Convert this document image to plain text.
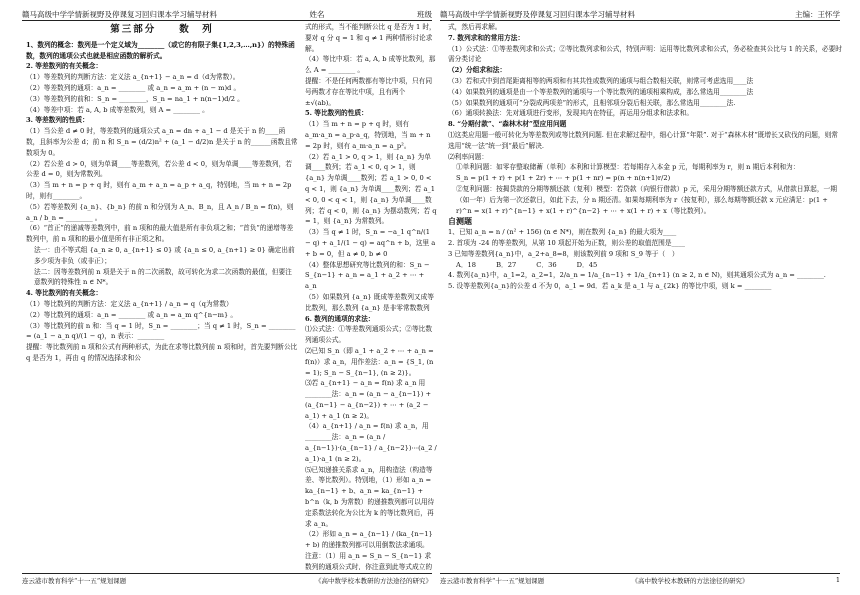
赣马高级中学学情新视野及停课复习回归课本学习辅导材料	姓名	班级 赣马高级中学学情新视野及停课复习回归课本学习辅导材料	主编：王怀学
第三部分　　数　列

1、数列的概念：数列是一个定义域为________（或它的有限子集{1,2,3,…,n}）的特殊函数，数列的通项公式也就是相应函数的解析式。

2. 等差数列的有关概念：

（1）等差数列的判断方法：定义法 a_{n+1} − a_n = d（d为常数）。

（2）等差数列的通项：a_n = ________ 或 a_n = a_m + (n − m)d 。

（3）等差数列的前和：S_n = ________，S_n = na_1 + n(n−1)d/2 。

（4）等差中项：若 a, A, b 成等差数列，则 A = ________ 。

3. 等差数列的性质：

（1）当公差 d ≠ 0 时，等差数列的通项公式 a_n = dn + a_1 − d 是关于 n 的____函数，且斜率为公差 d；前 n 和 S_n = (d/2)n² + (a_1 − d/2)n 是关于 n 的______函数且常数项为 0。

（2）若公差 d > 0，则为单调____等差数列，若公差 d < 0，则为单调____等差数列，若公差 d = 0，则为常数列。

（3）当 m + n = p + q 时，则有 a_m + a_n = a_p + a_q，特别地，当 m + n = 2p 时，则有________。

（5）若等差数列 {a_n}、{b_n} 的前 n 和分别为 A_n、B_n，且 A_n / B_n = f(n)，则 a_n / b_n = ________ 。

（6）“首正”的递减等差数列中，前 n 项和的最大值是所有非负项之和；“首负”的递增等差数列中，前 n 项和的最小值是所有非正项之和。

法一：由不等式组 {a_n ≥ 0, a_{n+1} ≤ 0} 或 {a_n ≤ 0, a_{n+1} ≥ 0} 确定出前多少项为非负（或非正）；

法二：因等差数列前 n 项是关于 n 的二次函数，故可转化为求二次函数的最值，但要注意数列的特殊性 n ∈ N*。

4. 等比数列的有关概念：

（1）等比数列的判断方法：定义法 a_{n+1} / a_n = q（q为常数）

（2）等比数列的通项：a_n = ________ 或 a_n = a_m q^{n−m} 。

（3）等比数列的前 n 和：当 q = 1 时，S_n = ________；当 q ≠ 1 时，S_n = ________ = (a_1 − a_n q)/(1 − q)，n 表示：________

提醒：等比数列前 n 项和公式有两种形式，为此在求等比数列前 n 项和时，首先要判断公比 q 是否为 1，再由 q 的情况选择求和公

式的形式，当不能判断公比 q 是否为 1 时，要对 q 分 q = 1 和 q ≠ 1 两种情形讨论求解。

（4）等比中项：若 a, A, b 成等比数列，那么 A = ________ 。

提醒：不是任何两数都有等比中项，只有同号两数才存在等比中项，且有两个 ±√(ab)。

5. 等比数列的性质：

（1）当 m + n = p + q 时，则有 a_m·a_n = a_p·a_q，特别地，当 m + n = 2p 时，则有 a_m·a_n = a_p²。

（2）若 a_1 > 0, q > 1，则 {a_n} 为单调____数列；若 a_1 < 0, q > 1，则 {a_n} 为单调____数列；若 a_1 > 0, 0 < q < 1，则 {a_n} 为单调____数列；若 a_1 < 0, 0 < q < 1，则 {a_n} 为单调____数列；若 q < 0，则 {a_n} 为摆动数列；若 q = 1，则 {a_n} 为常数列。

（3）当 q ≠ 1 时，S_n = −a_1 q^n/(1 − q) + a_1/(1 − q) = aq^n + b，这里 a + b = 0，但 a ≠ 0, b ≠ 0

（4）整体思想研究等比数列的和：S_n − S_{n−1} + a_n = a_1 + a_2 + ⋯ + a_n

（5）如果数列 {a_n} 既成等差数列又成等比数列，那么数列 {a_n} 是非零常数数列

6. 数列的通项的求法：

⑴公式法：①等差数列通项公式；②等比数列通项公式。

⑵已知 S_n（即 a_1 + a_2 + ⋯ + a_n = f(n)）求 a_n，用作差法：a_n = {S_1, (n = 1); S_n − S_{n−1}, (n ≥ 2)}。

⑶若 a_{n+1} − a_n = f(n) 求 a_n 用________法：a_n = (a_n − a_{n−1}) + (a_{n−1} − a_{n−2}) + ⋯ + (a_2 − a_1) + a_1 (n ≥ 2)。

（4）a_{n+1} / a_n = f(n) 求 a_n，用________法：a_n = (a_n / a_{n−1})·(a_{n−1} / a_{n−2})⋯(a_2 / a_1)·a_1 (n ≥ 2)。

⑸已知递推关系求 a_n，用构造法（构造等差、等比数列）。特别地，（1）形如 a_n = ka_{n−1} + b、a_n = ka_{n−1} + b^n（k, b 为常数）的递推数列都可以用待定系数法转化为公比为 k 的等比数列后，再求 a_n。

（2）形如 a_n = a_{n−1} / (ka_{n−1} + b) 的递推数列都可以用倒数法求通项。

注意：（1）用 a_n = S_n − S_{n−1} 求数列的通项公式时，你注意到此等式成立的

式，然后再求解。

7. 数列求和的常用方法：

（1）公式法：①等差数列求和公式；②等比数列求和公式，特别声明：运用等比数列求和公式，务必检查其公比与 1 的关系，必要时需分类讨论

（2）分组求和法：

（3）若和式中到首尾距离相等的两项和有其共性或数列的通项与组合数相关联，则常可考虑选用____法

（4）如果数列的通项是由一个等差数列的通项与一个等比数列的通项相乘构成，那么常选用________法

（5）如果数列的通项可“分裂成两项差”的形式，且相邻项分裂后相关联，那么常选用________法.

（6）通项转换法：先对通项进行变形，发现其内在特征，再运用分组求和法求和。

8. “分期付款”、“森林木材”型应用问题

⑴这类应用题一般可转化为等差数列或等比数列问题. 但在求解过程中，细心计算“年限”. 对于“森林木材”既增长又砍伐的问题，则常选用“统一法”统一到“最后”解决.

⑵利率问题：

①单利问题：如零存整取储蓄（单利）本利和计算模型：若每期存入本金 p 元，每期利率为 r，则 n 期后本利和为：

S_n = p(1 + r) + p(1 + 2r) + ⋯ + p(1 + nr) = p(n + n(n+1)r/2)

②复利问题：按揭贷款的分期等额还款（复利）模型：若贷款（向银行借款）p 元，采用分期等额还款方式，从借款日算起，一期（如一年）后为第一次还款日，如此下去，分 n 期还清。如果每期利率为 r（按复利），那么每期等额还款 x 元应满足：p(1 + r)^n = x(1 + r)^{n−1} + x(1 + r)^{n−2} + ⋯ + x(1 + r) + x（等比数列）。

自测题

1、已知 a_n = n / (n² + 156) (n ∈ N*)，则在数列 {a_n} 的最大项为____

2. 首项为 -24 的等差数列，从第 10 项起开始为正数，则公差的取值范围是____

3 已知等差数列{a_n}中，a_2+a_8=8，则该数列前 9 项和 S_9 等于（　）

A．18　　　B．27　　　C．36　　　D．45

4. 数列{a_n}中，a_1=2，a_2=1，2/a_n = 1/a_{n−1} + 1/a_{n+1} (n ≥ 2, n ∈ N)，则其通项公式为 a_n = ________.

5. 设等差数列{a_n}的公差 d 不为 0，a_1 = 9d．若 a_k 是 a_1 与 a_{2k} 的等比中项，则 k = ________

连云港市教育科学“十一五”规划课题	《高中数学校本教研的方法途径的研究》 连云港市教育科学“十一五”规划课题	《高中数学校本教研的方法途径的研究》	1
